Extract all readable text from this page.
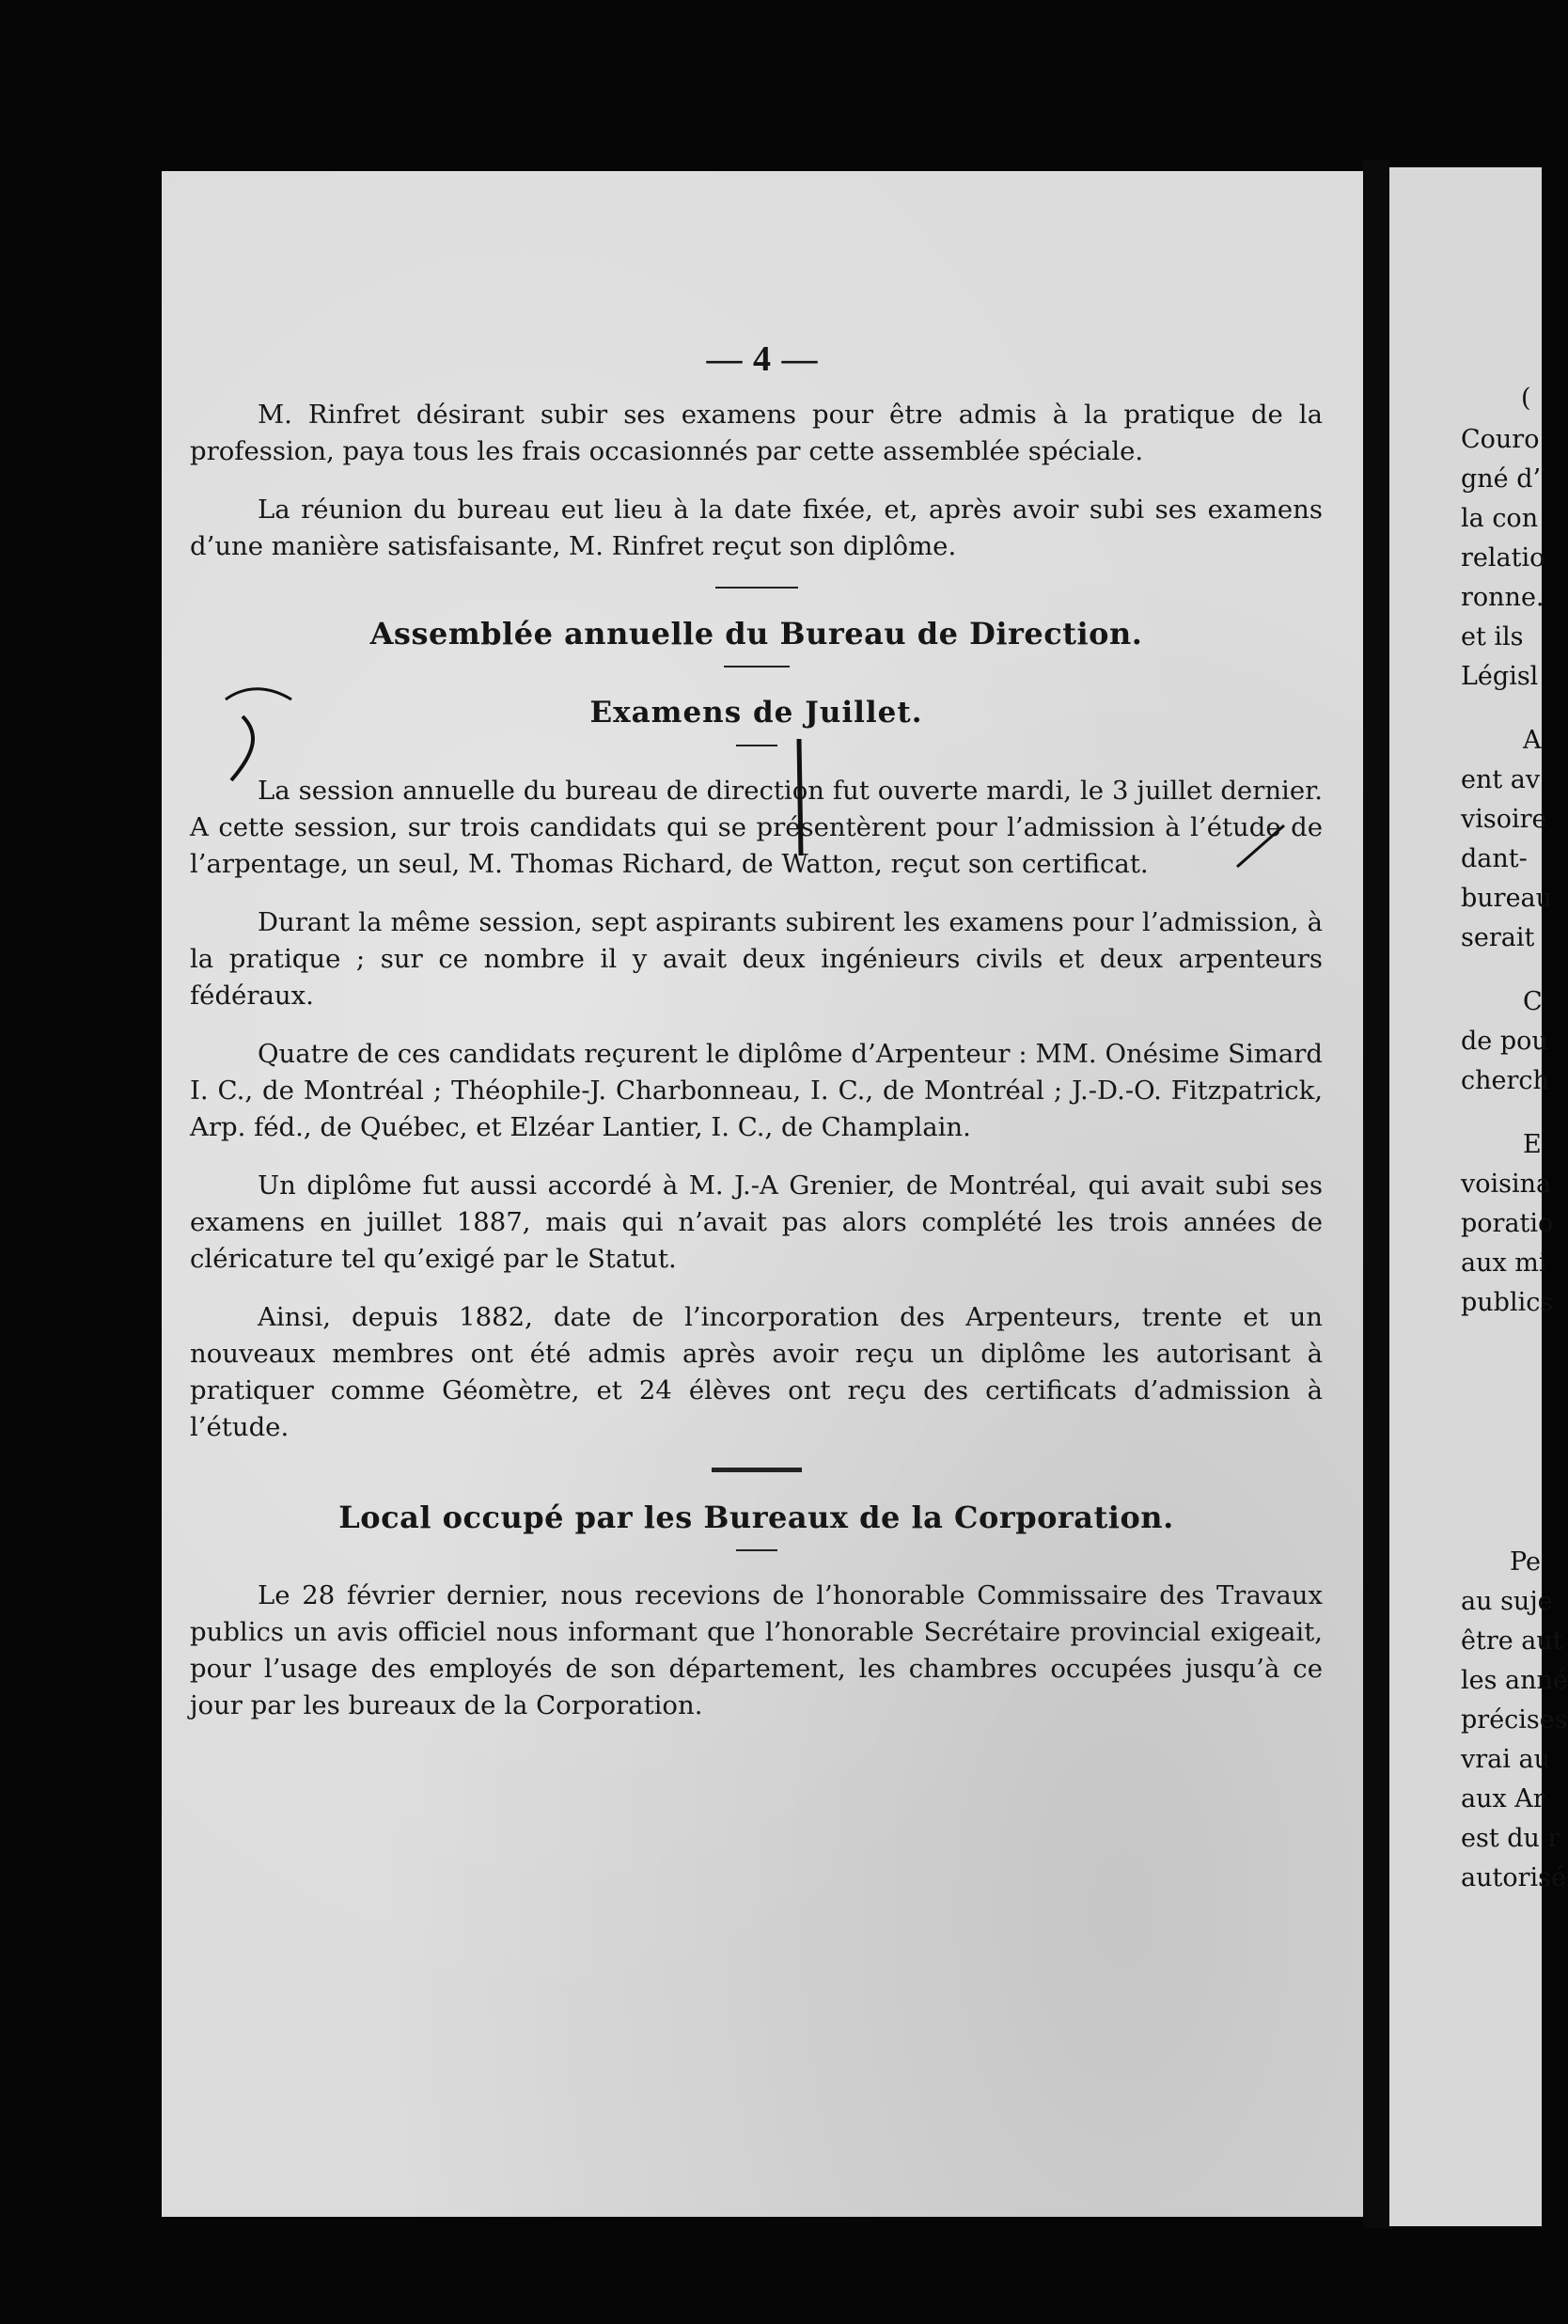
— 4 —

M. Rinfret désirant subir ses examens pour être admis à la pratique de la profession, paya tous les frais occasionnés par cette assemblée spéciale.

La réunion du bureau eut lieu à la date fixée, et, après avoir subi ses examens d’une manière satisfaisante, M. Rinfret reçut son diplôme.

Assemblée annuelle du Bureau de Direction.
Examens de Juillet.

La session annuelle du bureau de direction fut ouverte mardi, le 3 juillet dernier. A cette session, sur trois candidats qui se présentèrent pour l’admission à l’étude de l’arpentage, un seul, M. Thomas Richard, de Watton, reçut son certificat.

Durant la même session, sept aspirants subirent les examens pour l’admission, à la pratique ; sur ce nombre il y avait deux ingénieurs civils et deux arpenteurs fédéraux.

Quatre de ces candidats reçurent le diplôme d’Arpenteur : MM. Onésime Simard I. C., de Montréal ; Théophile-J. Charbonneau, I. C., de Montréal ; J.-D.-O. Fitzpatrick, Arp. féd., de Québec, et Elzéar Lantier, I. C., de Champlain.

Un diplôme fut aussi accordé à M. J.-A Grenier, de Montréal, qui avait subi ses examens en juillet 1887, mais qui n’avait pas alors complété les trois années de cléricature tel qu’exigé par le Statut.

Ainsi, depuis 1882, date de l’incorporation des Arpenteurs, trente et un nouveaux membres ont été admis après avoir reçu un diplôme les autorisant à pratiquer comme Géomètre, et 24 élèves ont reçu des certificats d’admission à l’étude.

Local occupé par les Bureaux de la Corporation.

Le 28 février dernier, nous recevions de l’honorable Commissaire des Travaux publics un avis officiel nous informant que l’honorable Secrétaire provincial exigeait, pour l’usage des employés de son département, les chambres occupées jusqu’à ce jour par les bureaux de la Corporation.

(
Couro
gné d’
la con
relatio
ronne.
et ils
Législ
A
ent av
visoire
dant-
bureau
serait
C
de pou
cherch
E
voisina
poratio
aux mi
publics
Pe
au suje
être aut
les anné
précises
vrai au
aux Ar
est du r
autorisé
